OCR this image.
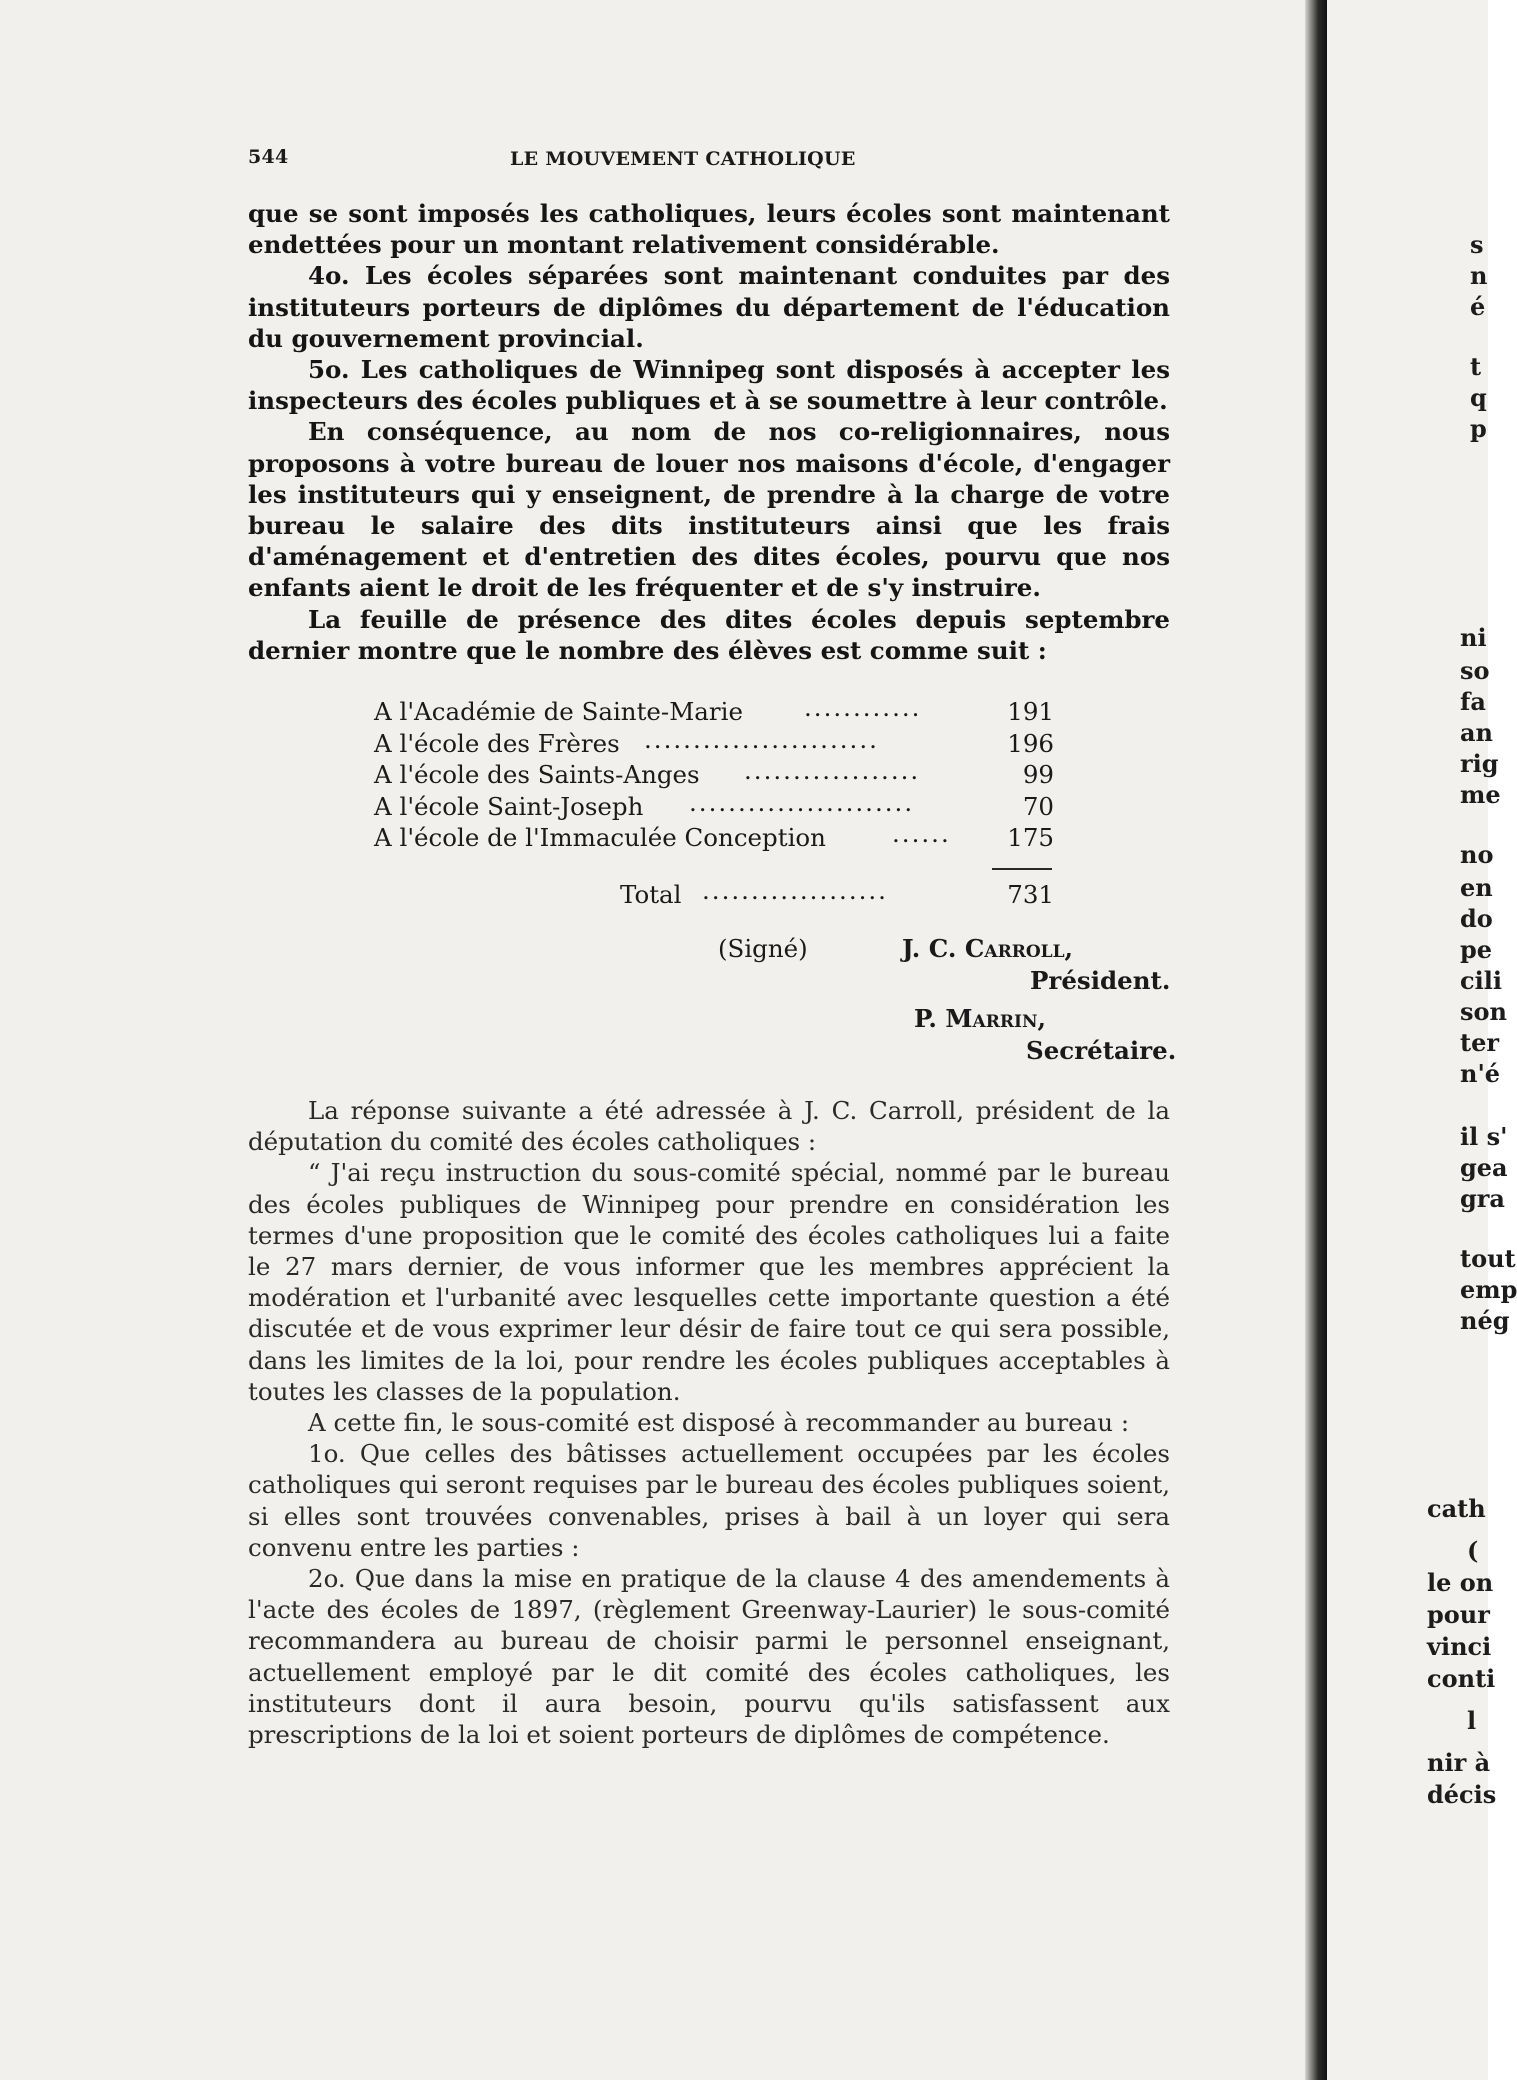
544	LE MOUVEMENT CATHOLIQUE

que se sont imposés les catholiques, leurs écoles sont maintenant endettées pour un montant relativement considérable.

4o. Les écoles séparées sont maintenant conduites par des instituteurs porteurs de diplômes du département de l'éducation du gouvernement provincial.

5o. Les catholiques de Winnipeg sont disposés à accepter les inspecteurs des écoles publiques et à se soumettre à leur contrôle.

En conséquence, au nom de nos co-religionnaires, nous proposons à votre bureau de louer nos maisons d'école, d'engager les instituteurs qui y enseignent, de prendre à la charge de votre bureau le salaire des dits instituteurs ainsi que les frais d'aménagement et d'entretien des dites écoles, pourvu que nos enfants aient le droit de les fréquenter et de s'y instruire.

La feuille de présence des dites écoles depuis septembre dernier montre que le nombre des élèves est comme suit :

A l'Académie de Sainte-Marie ............	191
A l'école des Frères ........................	196
A l'école des Saints-Anges ..................	99
A l'école Saint-Joseph .......................	70
A l'école de l'Immaculée Conception	......	175
Total ...................	731
(Signé)	J. C. Carroll,
Président.
P. Marrin,
Secrétaire.

La réponse suivante a été adressée à J. C. Carroll, président de la députation du comité des écoles catholiques :

“ J'ai reçu instruction du sous-comité spécial, nommé par le bureau des écoles publiques de Winnipeg pour prendre en considération les termes d'une proposition que le comité des écoles catholiques lui a faite le 27 mars dernier, de vous informer que les membres apprécient la modération et l'urbanité avec lesquelles cette importante question a été discutée et de vous exprimer leur désir de faire tout ce qui sera possible, dans les limites de la loi, pour rendre les écoles publiques acceptables à toutes les classes de la population.

A cette fin, le sous-comité est disposé à recommander au bureau :

1o. Que celles des bâtisses actuellement occupées par les écoles catholiques qui seront requises par le bureau des écoles publiques soient, si elles sont trouvées convenables, prises à bail à un loyer qui sera convenu entre les parties :

2o. Que dans la mise en pratique de la clause 4 des amendements à l'acte des écoles de 1897, (règlement Greenway-Laurier) le sous-comité recommandera au bureau de choisir parmi le personnel enseignant, actuellement employé par le dit comité des écoles catholiques, les instituteurs dont il aura besoin, pourvu qu'ils satisfassent aux prescriptions de la loi et soient porteurs de diplômes de compétence.

s
n
é
t
q
p
ni
so
fa
an
rig
me
no
en
do
pe
cili
son
ter
n'é
il s'
gea
gra
tout
emp
nég
cath
(
le on
pour
vinci
conti
l
nir à
décis
